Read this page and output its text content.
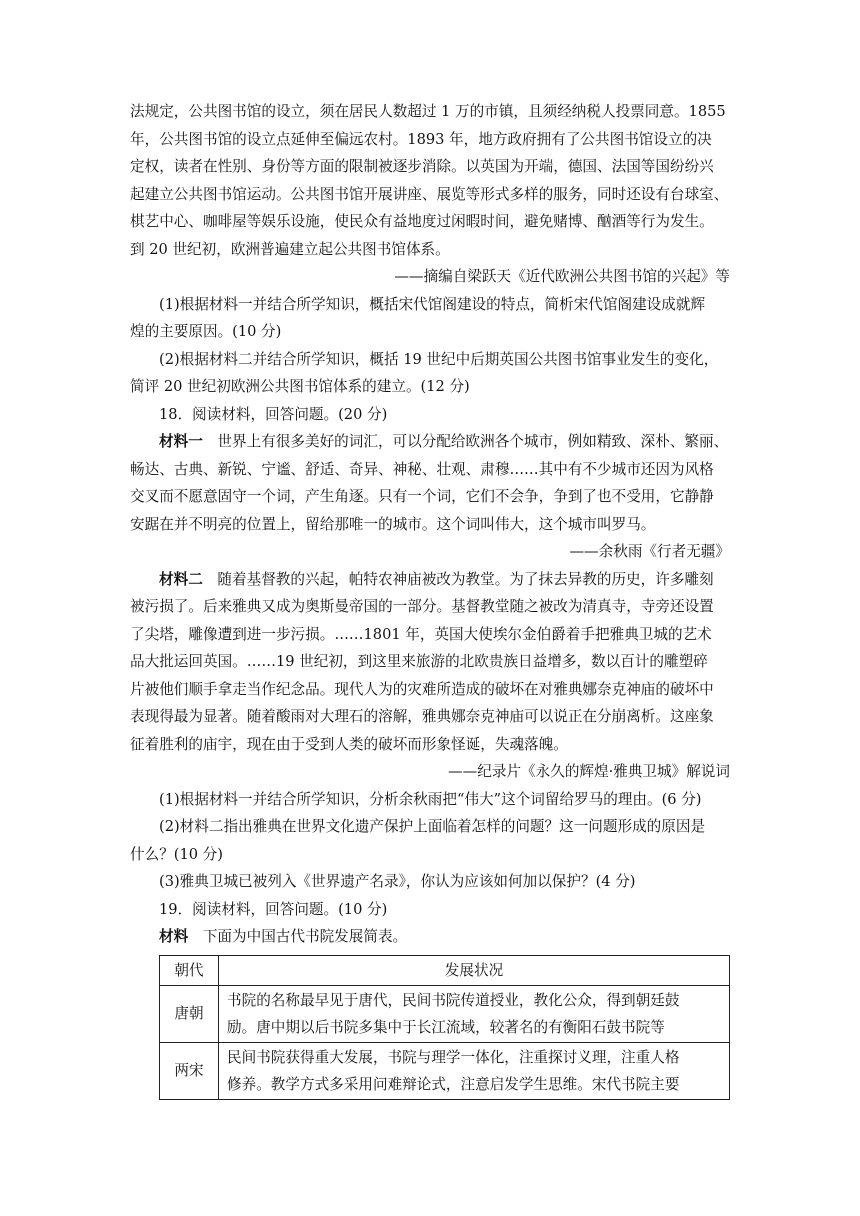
法规定，公共图书馆的设立，须在居民人数超过 1 万的市镇，且须经纳税人投票同意。1855

年，公共图书馆的设立点延伸至偏远农村。1893 年，地方政府拥有了公共图书馆设立的决

定权，读者在性别、身份等方面的限制被逐步消除。以英国为开端，德国、法国等国纷纷兴

起建立公共图书馆运动。公共图书馆开展讲座、展览等形式多样的服务，同时还设有台球室、

棋艺中心、咖啡屋等娱乐设施，使民众有益地度过闲暇时间，避免赌博、酗酒等行为发生。

到 20 世纪初，欧洲普遍建立起公共图书馆体系。

——摘编自梁跃天《近代欧洲公共图书馆的兴起》等

(1)根据材料一并结合所学知识，概括宋代馆阁建设的特点，简析宋代馆阁建设成就辉

煌的主要原因。(10 分)

(2)根据材料二并结合所学知识，概括 19 世纪中后期英国公共图书馆事业发生的变化，

简评 20 世纪初欧洲公共图书馆体系的建立。(12 分)

18．阅读材料，回答问题。(20 分)

材料一　 世界上有很多美好的词汇，可以分配给欧洲各个城市，例如精致、深朴、繁丽、

畅达、古典、新锐、宁谧、舒适、奇异、神秘、壮观、肃穆……其中有不少城市还因为风格

交叉而不愿意固守一个词，产生角逐。只有一个词，它们不会争，争到了也不受用，它静静

安踞在并不明亮的位置上，留给那唯一的城市。这个词叫伟大，这个城市叫罗马。

——余秋雨《行者无疆》

材料二　 随着基督教的兴起，帕特农神庙被改为教堂。为了抹去异教的历史，许多雕刻

被污损了。后来雅典又成为奥斯曼帝国的一部分。基督教堂随之被改为清真寺，寺旁还设置

了尖塔，雕像遭到进一步污损。……1801 年，英国大使埃尔金伯爵着手把雅典卫城的艺术

品大批运回英国。……19 世纪初，到这里来旅游的北欧贵族日益增多，数以百计的雕塑碎

片被他们顺手拿走当作纪念品。现代人为的灾难所造成的破坏在对雅典娜奈克神庙的破坏中

表现得最为显著。随着酸雨对大理石的溶解，雅典娜奈克神庙可以说正在分崩离析。这座象

征着胜利的庙宇，现在由于受到人类的破坏而形象怪诞，失魂落魄。

——纪录片《永久的辉煌·雅典卫城》解说词

(1)根据材料一并结合所学知识，分析余秋雨把“伟大”这个词留给罗马的理由。(6 分)

(2)材料二指出雅典在世界文化遗产保护上面临着怎样的问题？这一问题形成的原因是

什么？(10 分)

(3)雅典卫城已被列入《世界遗产名录》，你认为应该如何加以保护？(4 分)

19．阅读材料，回答问题。(10 分)

材料　 下面为中国古代书院发展简表。

朝代	发展状况
唐朝	书院的名称最早见于唐代，民间书院传道授业，教化公众，得到朝廷鼓
励。唐中期以后书院多集中于长江流域，较著名的有衡阳石鼓书院等

两宋	民间书院获得重大发展，书院与理学一体化，注重探讨义理，注重人格
修养。教学方式多采用问难辩论式，注意启发学生思维。宋代书院主要
